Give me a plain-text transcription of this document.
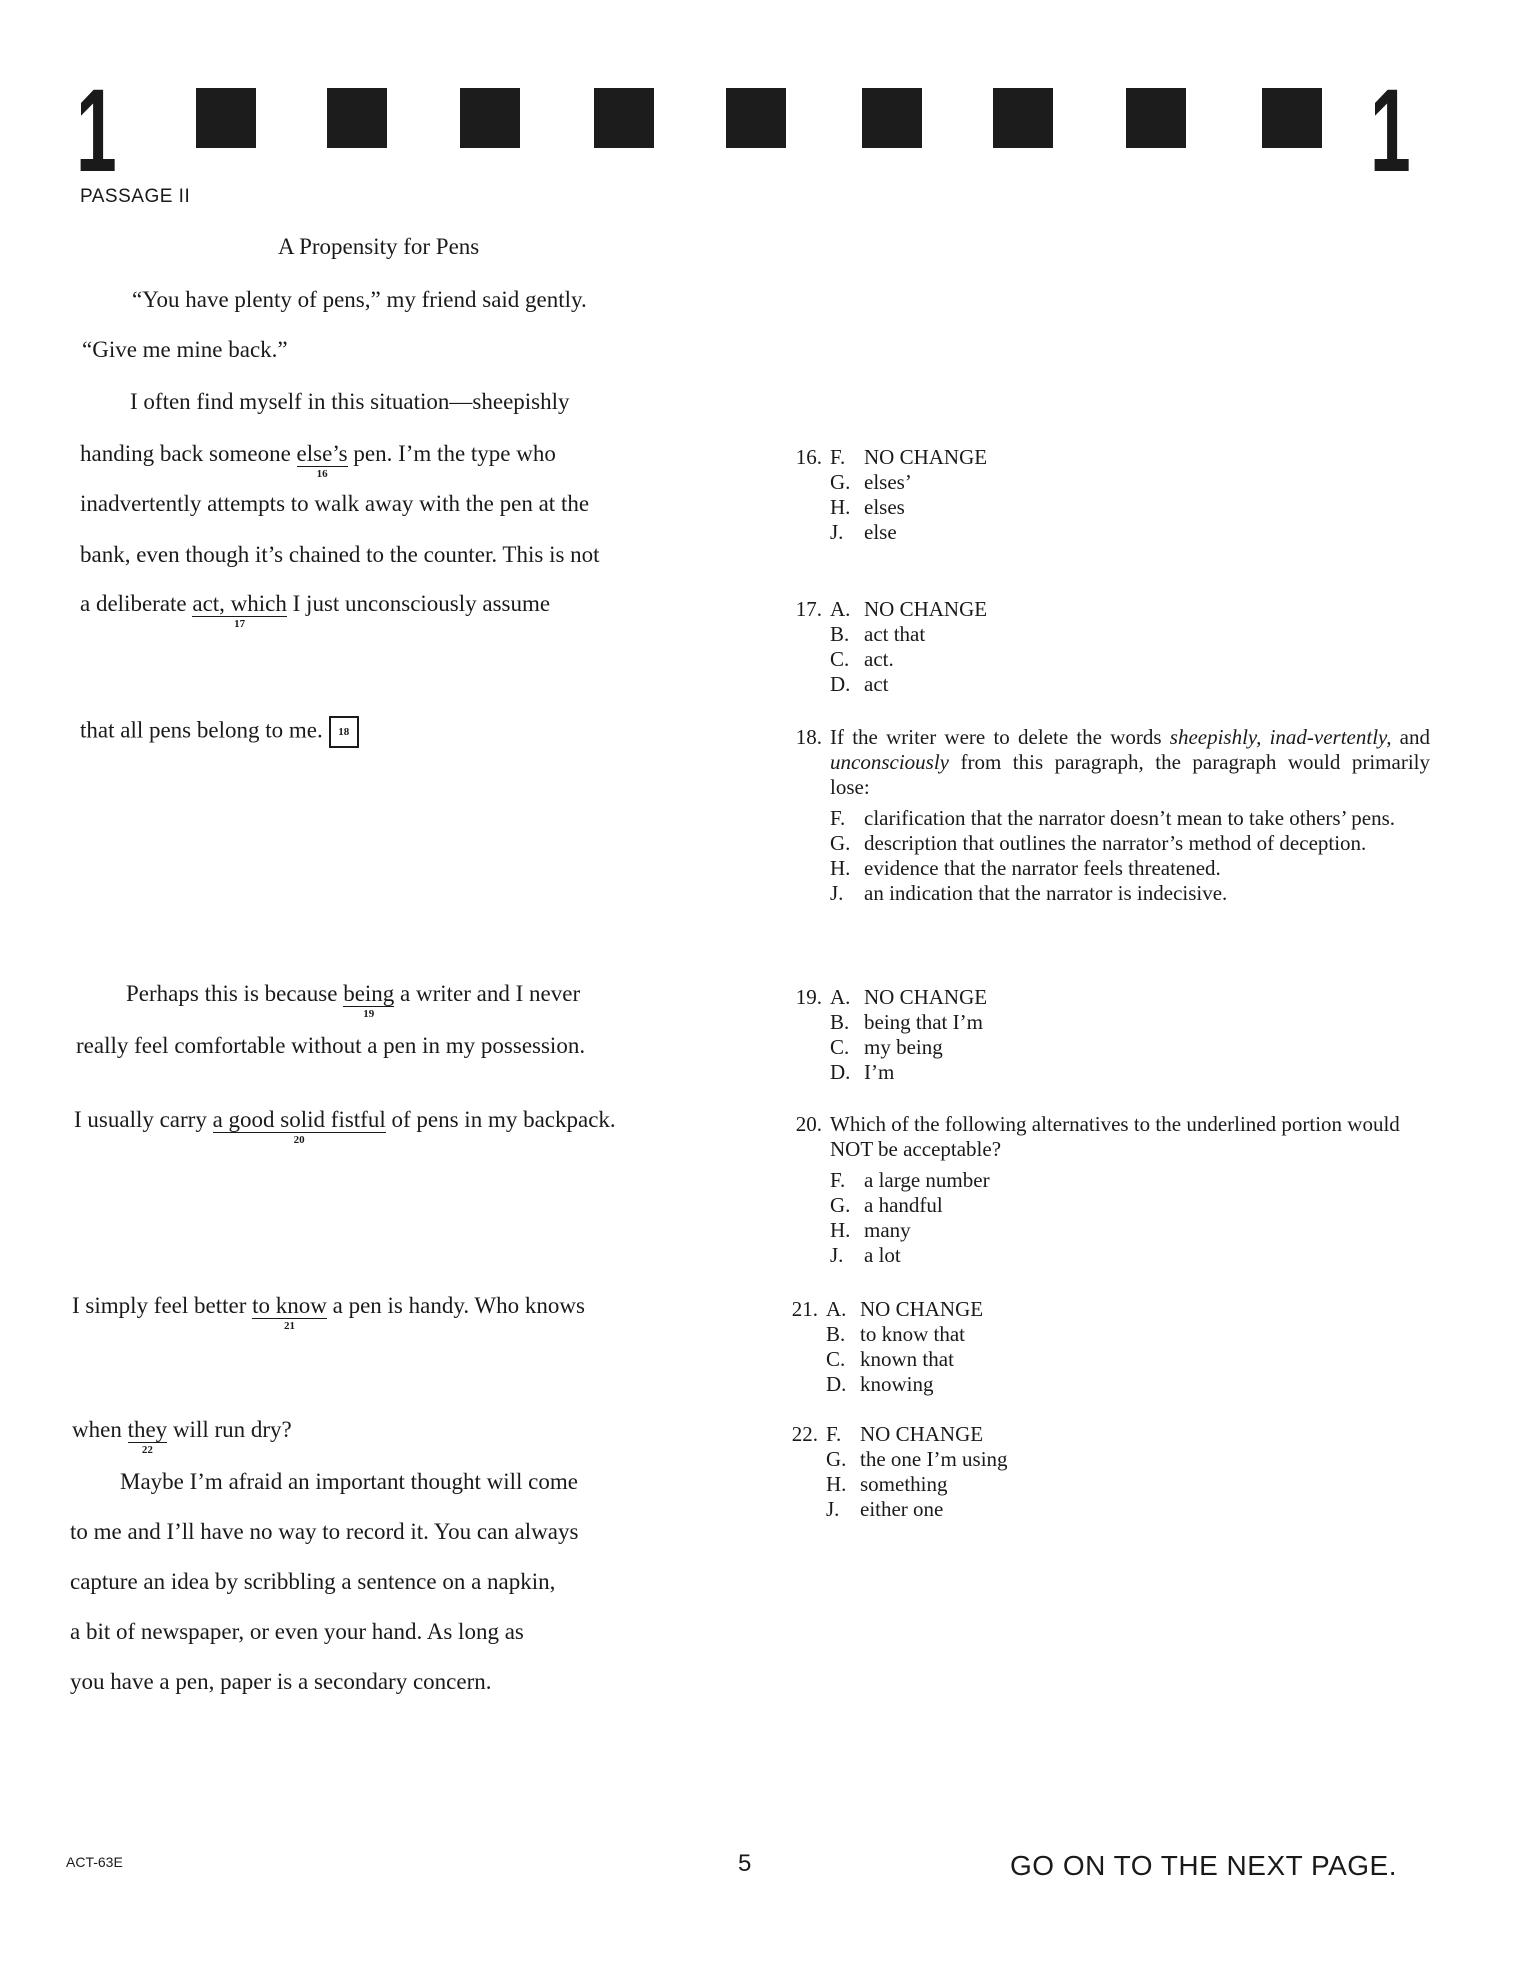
1	1
PASSAGE II
A Propensity for Pens
“You have plenty of pens,” my friend said gently.
“Give me mine back.”
I often find myself in this situation—sheepishly
handing back someone else’s
16
pen. I’m the type who
inadvertently attempts to walk away with the pen at the
bank, even though it’s chained to the counter. This is not
a deliberate act, which
17
I just unconsciously assume
that all pens belong to me. 18
Perhaps this is because being
19
a writer and I never
really feel comfortable without a pen in my possession.
I usually carry a good solid fistful
20
of pens in my backpack.
I simply feel better to know
21
a pen is handy. Who knows
when they
22
will run dry?
Maybe I’m afraid an important thought will come
to me and I’ll have no way to record it. You can always
capture an idea by scribbling a sentence on a napkin,
a bit of newspaper, or even your hand. As long as
you have a pen, paper is a secondary concern.
16. F. NO CHANGE
G. elses’
H. elses
J. else
17. A. NO CHANGE
B. act that
C. act.
D. act
18. If the writer were to delete the words sheepishly, inad-vertently, and unconsciously from this paragraph, the paragraph would primarily lose:
F. clarification that the narrator doesn’t mean to take others’ pens.
G. description that outlines the narrator’s method of deception.
H. evidence that the narrator feels threatened.
J. an indication that the narrator is indecisive.
19. A. NO CHANGE
B. being that I’m
C. my being
D. I’m
20. Which of the following alternatives to the underlined portion would NOT be acceptable?
F. a large number
G. a handful
H. many
J. a lot
21. A. NO CHANGE
B. to know that
C. known that
D. knowing
22. F. NO CHANGE
G. the one I’m using
H. something
J. either one
ACT-63E	5	GO ON TO THE NEXT PAGE.
